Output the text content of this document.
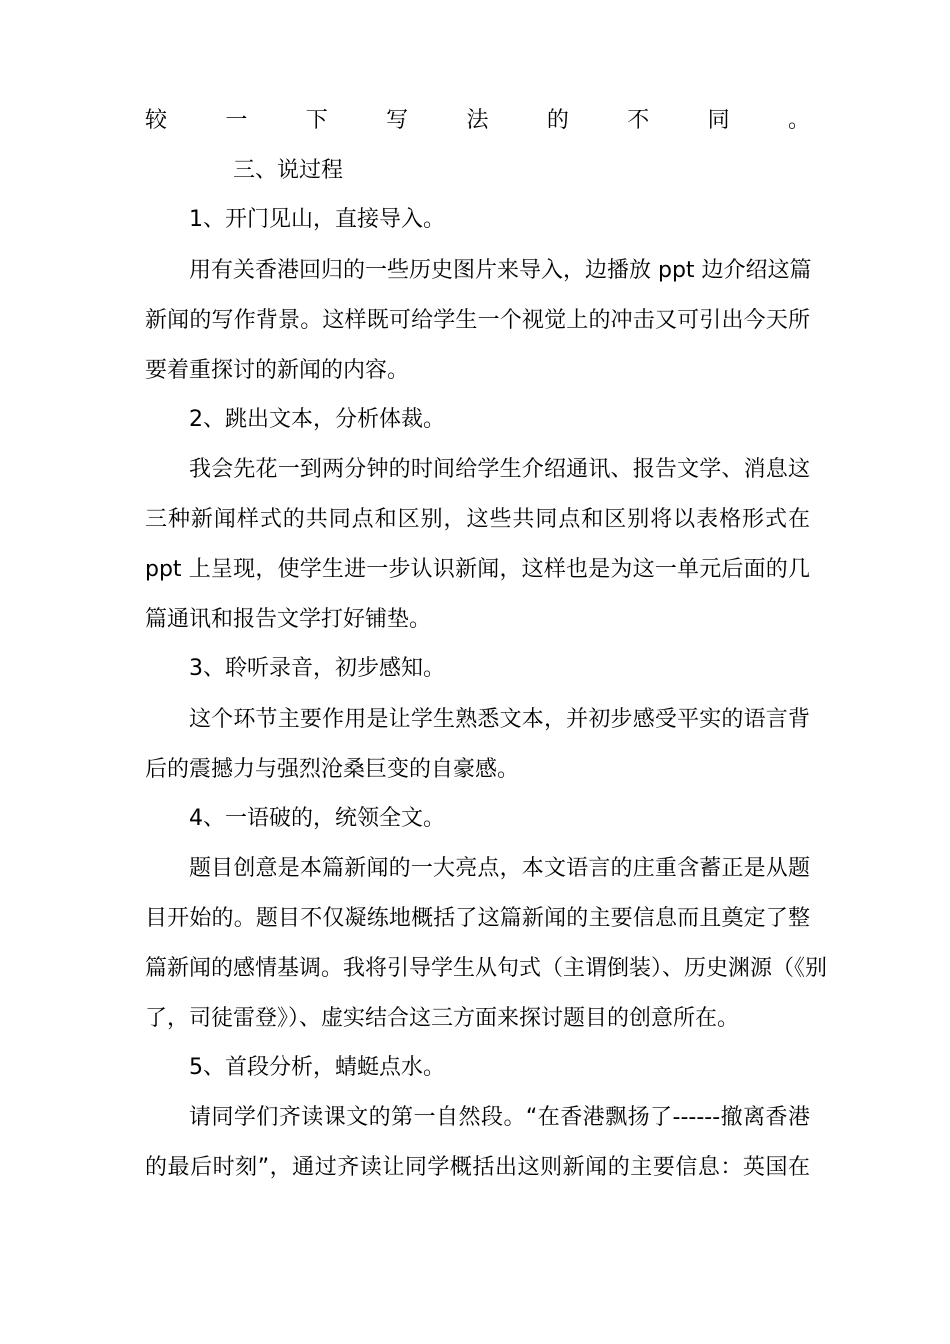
较一下写法的不同。
三、说过程
1、开门见山，直接导入。
用有关香港回归的一些历史图片来导入，边播放 ppt 边介绍这篇
新闻的写作背景。这样既可给学生一个视觉上的冲击又可引出今天所
要着重探讨的新闻的内容。
2、跳出文本，分析体裁。
我会先花一到两分钟的时间给学生介绍通讯、报告文学、消息这
三种新闻样式的共同点和区别，这些共同点和区别将以表格形式在
ppt 上呈现，使学生进一步认识新闻，这样也是为这一单元后面的几
篇通讯和报告文学打好铺垫。
3、聆听录音，初步感知。
这个环节主要作用是让学生熟悉文本，并初步感受平实的语言背
后的震撼力与强烈沧桑巨变的自豪感。
4、一语破的，统领全文。
题目创意是本篇新闻的一大亮点，本文语言的庄重含蓄正是从题
目开始的。题目不仅凝练地概括了这篇新闻的主要信息而且奠定了整
篇新闻的感情基调。我将引导学生从句式（主谓倒装）、历史渊源（《别
了，司徒雷登》）、虚实结合这三方面来探讨题目的创意所在。
5、首段分析，蜻蜓点水。
请同学们齐读课文的第一自然段。“在香港飘扬了------撤离香港
的最后时刻”，通过齐读让同学概括出这则新闻的主要信息：英国在
